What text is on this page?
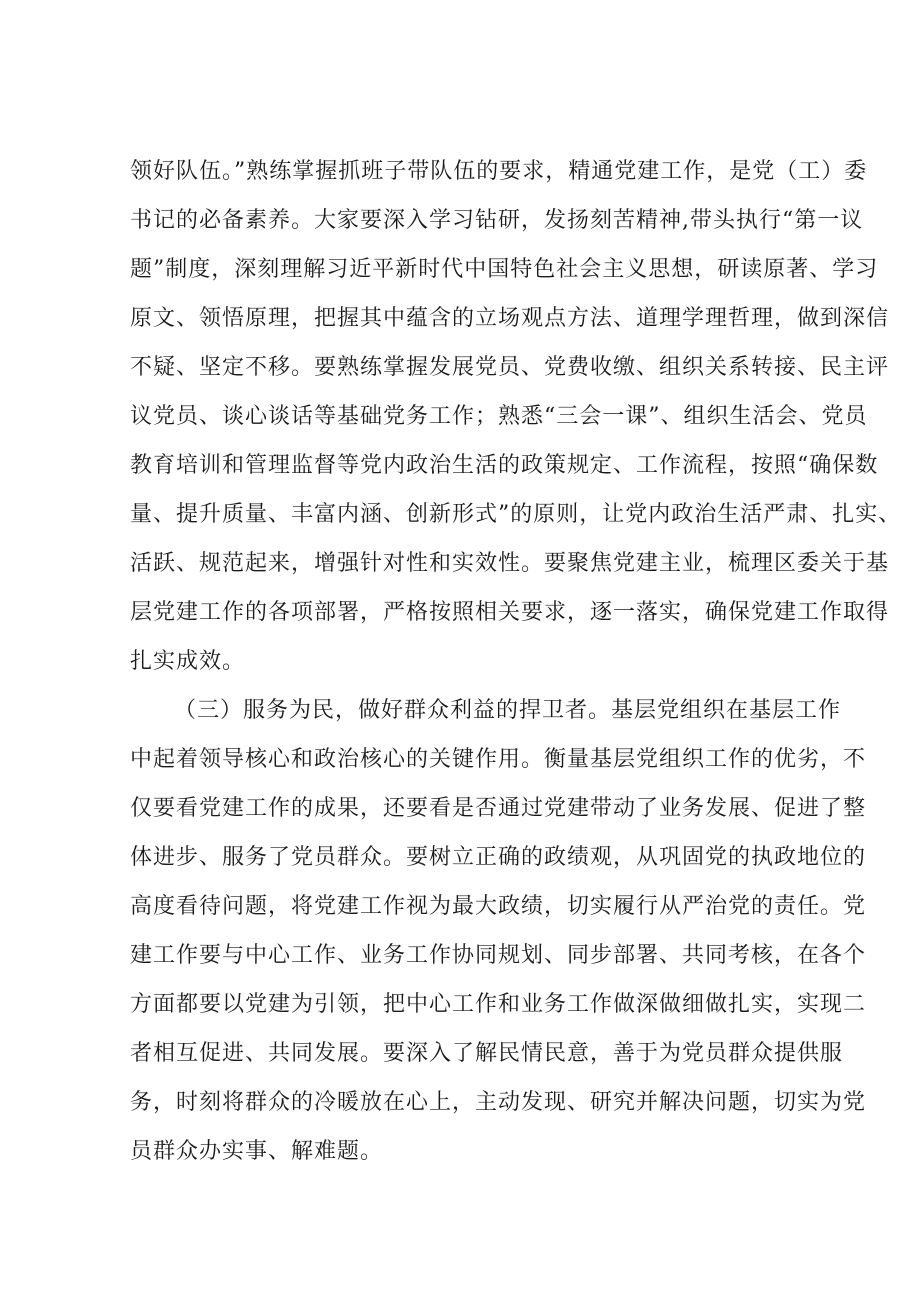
领好队伍。”熟练掌握抓班子带队伍的要求，精通党建工作，是党（工）委
书记的必备素养。大家要深入学习钻研，发扬刻苦精神,带头执行“第一议
题”制度，深刻理解习近平新时代中国特色社会主义思想，研读原著、学习
原文、领悟原理，把握其中蕴含的立场观点方法、道理学理哲理，做到深信
不疑、坚定不移。要熟练掌握发展党员、党费收缴、组织关系转接、民主评
议党员、谈心谈话等基础党务工作；熟悉“三会一课”、组织生活会、党员
教育培训和管理监督等党内政治生活的政策规定、工作流程，按照“确保数
量、提升质量、丰富内涵、创新形式”的原则，让党内政治生活严肃、扎实、
活跃、规范起来，增强针对性和实效性。要聚焦党建主业，梳理区委关于基
层党建工作的各项部署，严格按照相关要求，逐一落实，确保党建工作取得
扎实成效。
（三）服务为民，做好群众利益的捍卫者。基层党组织在基层工作
中起着领导核心和政治核心的关键作用。衡量基层党组织工作的优劣，不
仅要看党建工作的成果，还要看是否通过党建带动了业务发展、促进了整
体进步、服务了党员群众。要树立正确的政绩观，从巩固党的执政地位的
高度看待问题，将党建工作视为最大政绩，切实履行从严治党的责任。党
建工作要与中心工作、业务工作协同规划、同步部署、共同考核，在各个
方面都要以党建为引领，把中心工作和业务工作做深做细做扎实，实现二
者相互促进、共同发展。要深入了解民情民意，善于为党员群众提供服
务，时刻将群众的冷暖放在心上，主动发现、研究并解决问题，切实为党
员群众办实事、解难题。
